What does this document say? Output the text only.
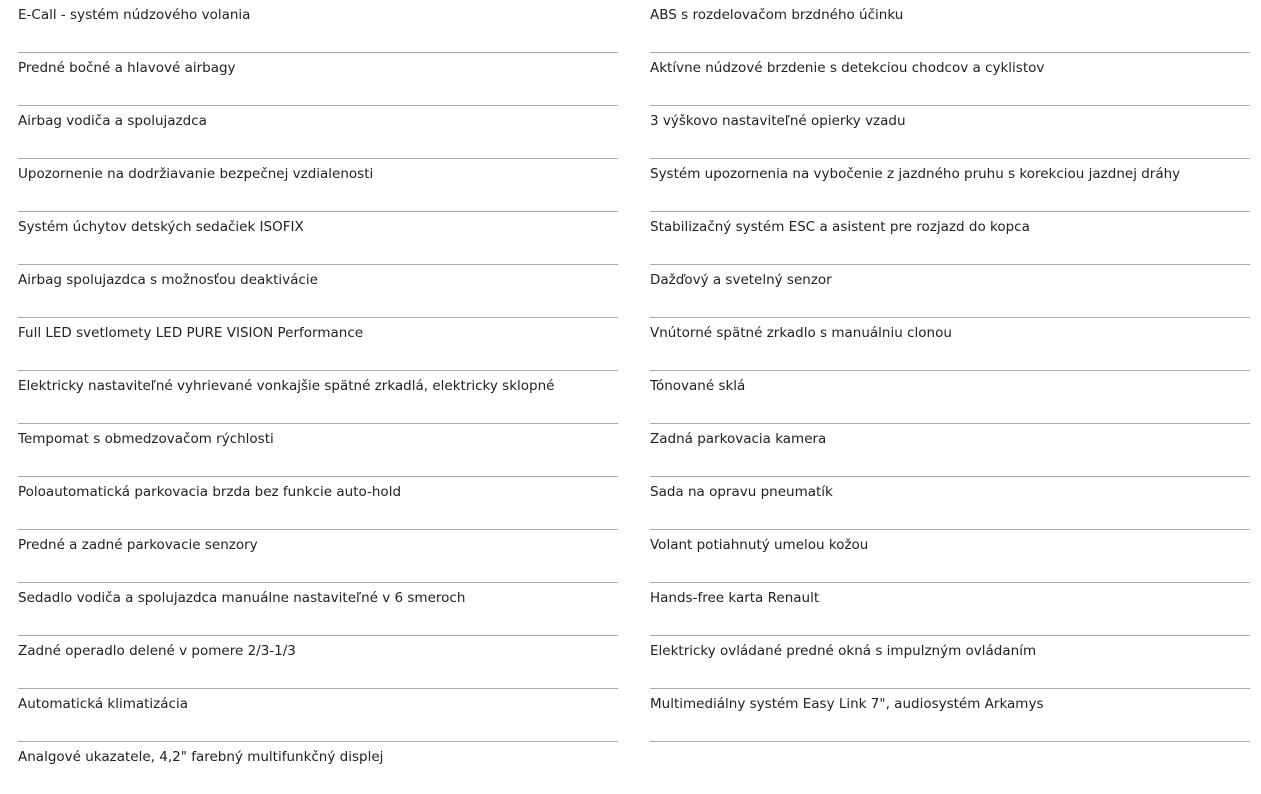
E-Call - systém núdzového volania
Predné bočné a hlavové airbagy
Airbag vodiča a spolujazdca
Upozornenie na dodržiavanie bezpečnej vzdialenosti
Systém úchytov detských sedačiek ISOFIX
Airbag spolujazdca s možnosťou deaktivácie
Full LED svetlomety LED PURE VISION Performance
Elektricky nastaviteľné vyhrievané vonkajšie spätné zrkadlá, elektricky sklopné
Tempomat s obmedzovačom rýchlosti
Poloautomatická parkovacia brzda bez funkcie auto-hold
Predné a zadné parkovacie senzory
Sedadlo vodiča a spolujazdca manuálne nastaviteľné v 6 smeroch
Zadné operadlo delené v pomere 2/3-1/3
Automatická klimatizácia
Analgové ukazatele, 4,2" farebný multifunkčný displej
ABS s rozdelovačom brzdného účinku
Aktívne núdzové brzdenie s detekciou chodcov a cyklistov
3 výškovo nastaviteľné opierky vzadu
Systém upozornenia na vybočenie z jazdného pruhu s korekciou jazdnej dráhy
Stabilizačný systém ESC a asistent pre rozjazd do kopca
Dažďový a svetelný senzor
Vnútorné spätné zrkadlo s manuálniu clonou
Tónované sklá
Zadná parkovacia kamera
Sada na opravu pneumatík
Volant potiahnutý umelou kožou
Hands-free karta Renault
Elektricky ovládané predné okná s impulzným ovládaním
Multimediálny systém Easy Link 7", audiosystém Arkamys
